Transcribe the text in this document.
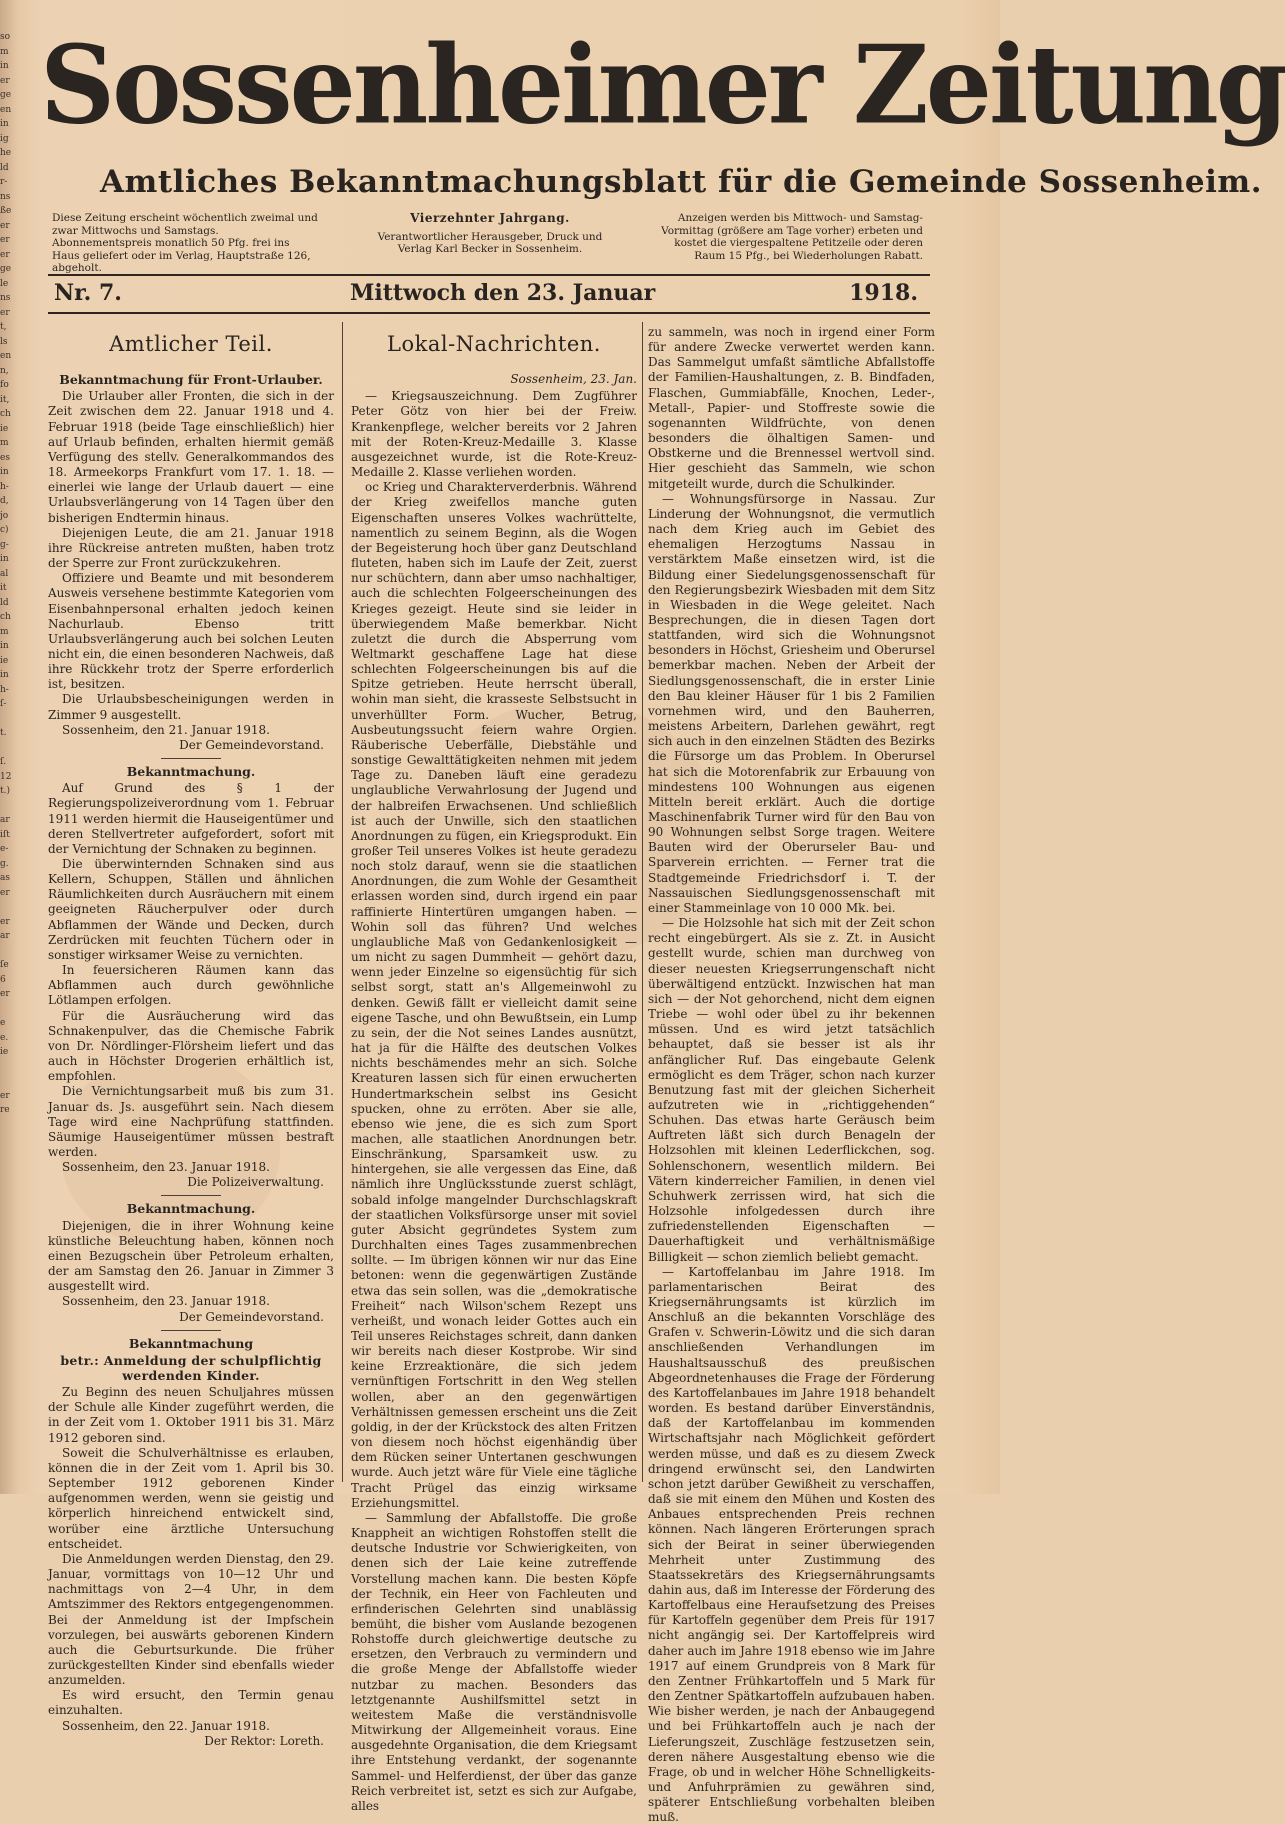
so
m
in
er
ge
en
in
ig
he
ld
r-
ns
ße
er
er
er
ge
le
ns
er
t,
ls
en
n,
fo
it,
ch
ie
m
es
in
h-
d,
jo
c)
g-
in
al
it
ld
ch
m
in
ie
in
h-
ſ-

t.

ſ.
12
t.)

ar
iſt
e-
g.
as
er

er
ar

ſe
6
er

e
e.
ie

er
re

Sossenheimer Zeitung
Amtliches Bekanntmachungsblatt für die Gemeinde Sossenheim.
Diese Zeitung erscheint wöchentlich zweimal und zwar Mittwochs und Samstags. Abonnementspreis monatlich 50 Pfg. frei ins Haus geliefert oder im Verlag, Hauptstraße 126, abgeholt.
Vierzehnter Jahrgang.
Verantwortlicher Herausgeber, Druck und Verlag Karl Becker in Sossenheim.
Anzeigen werden bis Mittwoch- und Samstag-Vormittag (größere am Tage vorher) erbeten und kostet die viergespaltene Petitzeile oder deren Raum 15 Pfg., bei Wiederholungen Rabatt.
Nr. 7.	Mittwoch den 23. Januar	1918.
Amtlicher Teil.
Bekanntmachung für Front-Urlauber.
Die Urlauber aller Fronten, die sich in der Zeit zwischen dem 22. Januar 1918 und 4. Februar 1918 (beide Tage einschließlich) hier auf Urlaub befinden, erhalten hiermit gemäß Verfügung des stellv. Generalkommandos des 18. Armeekorps Frankfurt vom 17. 1. 18. — einerlei wie lange der Urlaub dauert — eine Urlaubsverlängerung von 14 Tagen über den bisherigen Endtermin hinaus.
Diejenigen Leute, die am 21. Januar 1918 ihre Rückreise antreten mußten, haben trotz der Sperre zur Front zurückzukehren.
Offiziere und Beamte und mit besonderem Ausweis versehene bestimmte Kategorien vom Eisenbahnpersonal erhalten jedoch keinen Nachurlaub. Ebenso tritt Urlaubsverlängerung auch bei solchen Leuten nicht ein, die einen besonderen Nachweis, daß ihre Rückkehr trotz der Sperre erforderlich ist, besitzen.
Die Urlaubsbescheinigungen werden in Zimmer 9 ausgestellt.
Sossenheim, den 21. Januar 1918.
Der Gemeindevorstand.
Bekanntmachung.
Auf Grund des § 1 der Regierungspolizeiverordnung vom 1. Februar 1911 werden hiermit die Hauseigentümer und deren Stellvertreter aufgefordert, sofort mit der Vernichtung der Schnaken zu beginnen.
Die überwinternden Schnaken sind aus Kellern, Schuppen, Ställen und ähnlichen Räumlichkeiten durch Ausräuchern mit einem geeigneten Räucherpulver oder durch Abflammen der Wände und Decken, durch Zerdrücken mit feuchten Tüchern oder in sonstiger wirksamer Weise zu vernichten.
In feuersicheren Räumen kann das Abflammen auch durch gewöhnliche Lötlampen erfolgen.
Für die Ausräucherung wird das Schnakenpulver, das die Chemische Fabrik von Dr. Nördlinger-Flörsheim liefert und das auch in Höchster Drogerien erhältlich ist, empfohlen.
Die Vernichtungsarbeit muß bis zum 31. Januar ds. Js. ausgeführt sein. Nach diesem Tage wird eine Nachprüfung stattfinden. Säumige Hauseigentümer müssen bestraft werden.
Sossenheim, den 23. Januar 1918.
Die Polizeiverwaltung.
Bekanntmachung.
Diejenigen, die in ihrer Wohnung keine künstliche Beleuchtung haben, können noch einen Bezugschein über Petroleum erhalten, der am Samstag den 26. Januar in Zimmer 3 ausgestellt wird.
Sossenheim, den 23. Januar 1918.
Der Gemeindevorstand.
Bekanntmachung
betr.: Anmeldung der schulpflichtig werdenden Kinder.
Zu Beginn des neuen Schuljahres müssen der Schule alle Kinder zugeführt werden, die in der Zeit vom 1. Oktober 1911 bis 31. März 1912 geboren sind.
Soweit die Schulverhältnisse es erlauben, können die in der Zeit vom 1. April bis 30. September 1912 geborenen Kinder aufgenommen werden, wenn sie geistig und körperlich hinreichend entwickelt sind, worüber eine ärztliche Untersuchung entscheidet.
Die Anmeldungen werden Dienstag, den 29. Januar, vormittags von 10—12 Uhr und nachmittags von 2—4 Uhr, in dem Amtszimmer des Rektors entgegengenommen. Bei der Anmeldung ist der Impfschein vorzulegen, bei auswärts geborenen Kindern auch die Geburtsurkunde. Die früher zurückgestellten Kinder sind ebenfalls wieder anzumelden.
Es wird ersucht, den Termin genau einzuhalten.
Sossenheim, den 22. Januar 1918.
Der Rektor: Loreth.
Lokal-Nachrichten.
Sossenheim, 23. Jan.
— Kriegsauszeichnung. Dem Zugführer Peter Götz von hier bei der Freiw. Krankenpflege, welcher bereits vor 2 Jahren mit der Roten-Kreuz-Medaille 3. Klasse ausgezeichnet wurde, ist die Rote-Kreuz-Medaille 2. Klasse verliehen worden.
oc Krieg und Charakterverderbnis. Während der Krieg zweifellos manche guten Eigenschaften unseres Volkes wachrüttelte, namentlich zu seinem Beginn, als die Wogen der Begeisterung hoch über ganz Deutschland fluteten, haben sich im Laufe der Zeit, zuerst nur schüchtern, dann aber umso nachhaltiger, auch die schlechten Folgeerscheinungen des Krieges gezeigt. Heute sind sie leider in überwiegendem Maße bemerkbar. Nicht zuletzt die durch die Absperrung vom Weltmarkt geschaffene Lage hat diese schlechten Folgeerscheinungen bis auf die Spitze getrieben. Heute herrscht überall, wohin man sieht, die krasseste Selbstsucht in unverhüllter Form. Wucher, Betrug, Ausbeutungssucht feiern wahre Orgien. Räuberische Ueberfälle, Diebstähle und sonstige Gewalttätigkeiten nehmen mit jedem Tage zu. Daneben läuft eine geradezu unglaubliche Verwahrlosung der Jugend und der halbreifen Erwachsenen. Und schließlich ist auch der Unwille, sich den staatlichen Anordnungen zu fügen, ein Kriegsprodukt. Ein großer Teil unseres Volkes ist heute geradezu noch stolz darauf, wenn sie die staatlichen Anordnungen, die zum Wohle der Gesamtheit erlassen worden sind, durch irgend ein paar raffinierte Hintertüren umgangen haben. — Wohin soll das führen? Und welches unglaubliche Maß von Gedankenlosigkeit — um nicht zu sagen Dummheit — gehört dazu, wenn jeder Einzelne so eigensüchtig für sich selbst sorgt, statt an's Allgemeinwohl zu denken. Gewiß fällt er vielleicht damit seine eigene Tasche, und ohn Bewußtsein, ein Lump zu sein, der die Not seines Landes ausnützt, hat ja für die Hälfte des deutschen Volkes nichts beschämendes mehr an sich. Solche Kreaturen lassen sich für einen erwucherten Hundertmarkschein selbst ins Gesicht spucken, ohne zu erröten. Aber sie alle, ebenso wie jene, die es sich zum Sport machen, alle staatlichen Anordnungen betr. Einschränkung, Sparsamkeit usw. zu hintergehen, sie alle vergessen das Eine, daß nämlich ihre Unglücksstunde zuerst schlägt, sobald infolge mangelnder Durchschlagskraft der staatlichen Volksfürsorge unser mit soviel guter Absicht gegründetes System zum Durchhalten eines Tages zusammenbrechen sollte. — Im übrigen können wir nur das Eine betonen: wenn die gegenwärtigen Zustände etwa das sein sollen, was die „demokratische Freiheit“ nach Wilson'schem Rezept uns verheißt, und wonach leider Gottes auch ein Teil unseres Reichstages schreit, dann danken wir bereits nach dieser Kostprobe. Wir sind keine Erzreaktionäre, die sich jedem vernünftigen Fortschritt in den Weg stellen wollen, aber an den gegenwärtigen Verhältnissen gemessen erscheint uns die Zeit goldig, in der der Krückstock des alten Fritzen von diesem noch höchst eigenhändig über dem Rücken seiner Untertanen geschwungen wurde. Auch jetzt wäre für Viele eine tägliche Tracht Prügel das einzig wirksame Erziehungsmittel.
— Sammlung der Abfallstoffe. Die große Knappheit an wichtigen Rohstoffen stellt die deutsche Industrie vor Schwierigkeiten, von denen sich der Laie keine zutreffende Vorstellung machen kann. Die besten Köpfe der Technik, ein Heer von Fachleuten und erfinderischen Gelehrten sind unablässig bemüht, die bisher vom Auslande bezogenen Rohstoffe durch gleichwertige deutsche zu ersetzen, den Verbrauch zu vermindern und die große Menge der Abfallstoffe wieder nutzbar zu machen. Besonders das letztgenannte Aushilfsmittel setzt in weitestem Maße die verständnisvolle Mitwirkung der Allgemeinheit voraus. Eine ausgedehnte Organisation, die dem Kriegsamt ihre Entstehung verdankt, der sogenannte Sammel- und Helferdienst, der über das ganze Reich verbreitet ist, setzt es sich zur Aufgabe, alles
zu sammeln, was noch in irgend einer Form für andere Zwecke verwertet werden kann. Das Sammelgut umfaßt sämtliche Abfallstoffe der Familien-Haushaltungen, z. B. Bindfaden, Flaschen, Gummiabfälle, Knochen, Leder-, Metall-, Papier- und Stoffreste sowie die sogenannten Wildfrüchte, von denen besonders die ölhaltigen Samen- und Obstkerne und die Brennessel wertvoll sind. Hier geschieht das Sammeln, wie schon mitgeteilt wurde, durch die Schulkinder.
— Wohnungsfürsorge in Nassau. Zur Linderung der Wohnungsnot, die vermutlich nach dem Krieg auch im Gebiet des ehemaligen Herzogtums Nassau in verstärktem Maße einsetzen wird, ist die Bildung einer Siedelungsgenossenschaft für den Regierungsbezirk Wiesbaden mit dem Sitz in Wiesbaden in die Wege geleitet. Nach Besprechungen, die in diesen Tagen dort stattfanden, wird sich die Wohnungsnot besonders in Höchst, Griesheim und Oberursel bemerkbar machen. Neben der Arbeit der Siedlungsgenossenschaft, die in erster Linie den Bau kleiner Häuser für 1 bis 2 Familien vornehmen wird, und den Bauherren, meistens Arbeitern, Darlehen gewährt, regt sich auch in den einzelnen Städten des Bezirks die Fürsorge um das Problem. In Oberursel hat sich die Motorenfabrik zur Erbauung von mindestens 100 Wohnungen aus eigenen Mitteln bereit erklärt. Auch die dortige Maschinenfabrik Turner wird für den Bau von 90 Wohnungen selbst Sorge tragen. Weitere Bauten wird der Oberurseler Bau- und Sparverein errichten. — Ferner trat die Stadtgemeinde Friedrichsdorf i. T. der Nassauischen Siedlungsgenossenschaft mit einer Stammeinlage von 10 000 Mk. bei.
— Die Holzsohle hat sich mit der Zeit schon recht eingebürgert. Als sie z. Zt. in Ausicht gestellt wurde, schien man durchweg von dieser neuesten Kriegserrungenschaft nicht überwältigend entzückt. Inzwischen hat man sich — der Not gehorchend, nicht dem eignen Triebe — wohl oder übel zu ihr bekennen müssen. Und es wird jetzt tatsächlich behauptet, daß sie besser ist als ihr anfänglicher Ruf. Das eingebaute Gelenk ermöglicht es dem Träger, schon nach kurzer Benutzung fast mit der gleichen Sicherheit aufzutreten wie in „richtiggehenden“ Schuhen. Das etwas harte Geräusch beim Auftreten läßt sich durch Benageln der Holzsohlen mit kleinen Lederflickchen, sog. Sohlenschonern, wesentlich mildern. Bei Vätern kinderreicher Familien, in denen viel Schuhwerk zerrissen wird, hat sich die Holzsohle infolgedessen durch ihre zufriedenstellenden Eigenschaften — Dauerhaftigkeit und verhältnismäßige Billigkeit — schon ziemlich beliebt gemacht.
— Kartoffelanbau im Jahre 1918. Im parlamentarischen Beirat des Kriegsernährungsamts ist kürzlich im Anschluß an die bekannten Vorschläge des Grafen v. Schwerin-Löwitz und die sich daran anschließenden Verhandlungen im Haushaltsausschuß des preußischen Abgeordnetenhauses die Frage der Förderung des Kartoffelanbaues im Jahre 1918 behandelt worden. Es bestand darüber Einverständnis, daß der Kartoffelanbau im kommenden Wirtschaftsjahr nach Möglichkeit gefördert werden müsse, und daß es zu diesem Zweck dringend erwünscht sei, den Landwirten schon jetzt darüber Gewißheit zu verschaffen, daß sie mit einem den Mühen und Kosten des Anbaues entsprechenden Preis rechnen können. Nach längeren Erörterungen sprach sich der Beirat in seiner überwiegenden Mehrheit unter Zustimmung des Staatssekretärs des Kriegsernährungsamts dahin aus, daß im Interesse der Förderung des Kartoffelbaus eine Heraufsetzung des Preises für Kartoffeln gegenüber dem Preis für 1917 nicht angängig sei. Der Kartoffelpreis wird daher auch im Jahre 1918 ebenso wie im Jahre 1917 auf einem Grundpreis von 8 Mark für den Zentner Frühkartoffeln und 5 Mark für den Zentner Spätkartoffeln aufzubauen haben. Wie bisher werden, je nach der Anbaugegend und bei Frühkartoffeln auch je nach der Lieferungszeit, Zuschläge festzusetzen sein, deren nähere Ausgestaltung ebenso wie die Frage, ob und in welcher Höhe Schnelligkeits- und Anfuhrprämien zu gewähren sind, späterer Entschließung vorbehalten bleiben muß.
